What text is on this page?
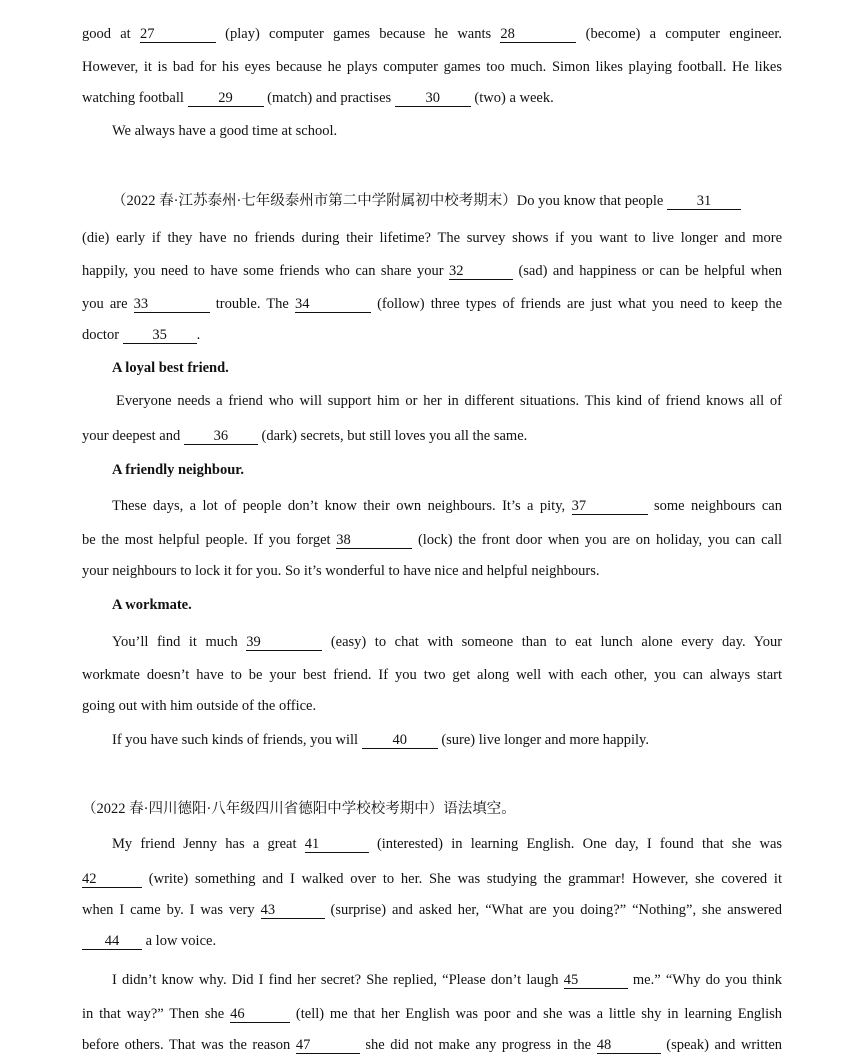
good at 27	(play) computer games because he wants 28	(become) a computer engineer.
However, it is bad for his eyes because he plays computer games too much. Simon likes playing football. He likes
watching football 29 (match) and practises 30 (two) a week.
We always have a good time at school.
（2022 春·江苏泰州·七年级泰州市第二中学附属初中校考期末）Do you know that people 31
(die) early if they have no friends during their lifetime? The survey shows if you want to live longer and more
happily, you need to have some friends who can share your 32	(sad) and happiness or can be helpful when
you are 33	trouble. The 34	(follow) three types of friends are just what you need to keep the
doctor 35 .
A loyal best friend.
Everyone needs a friend who will support him or her in different situations. This kind of friend knows all of
your deepest and 36 (dark) secrets, but still loves you all the same.
A friendly neighbour.
These days, a lot of people don’t know their own neighbours. It’s a pity, 37	some neighbours can
be the most helpful people. If you forget 38	(lock) the front door when you are on holiday, you can call
your neighbours to lock it for you. So it’s wonderful to have nice and helpful neighbours.
A workmate.
You’ll find it much 39	(easy) to chat with someone than to eat lunch alone every day. Your
workmate doesn’t have to be your best friend. If you two get along well with each other, you can always start
going out with him outside of the office.
If you have such kinds of friends, you will 40 (sure) live longer and more happily.
（2022 春·四川德阳·八年级四川省德阳中学校校考期中）语法填空。
My friend Jenny has a great 41	(interested) in learning English. One day, I found that she was
42	(write) something and I walked over to her. She was studying the grammar! However, she covered it
when I came by. I was very 43	(surprise) and asked her, “What are you doing?” “Nothing”, she answered
44 a low voice.
I didn’t know why. Did I find her secret? She replied, “Please don’t laugh 45	me.” “Why do you think
in that way?” Then she 46	(tell) me that her English was poor and she was a little shy in learning English
before others. That was the reason 47	she did not make any progress in the 48	(speak) and written
